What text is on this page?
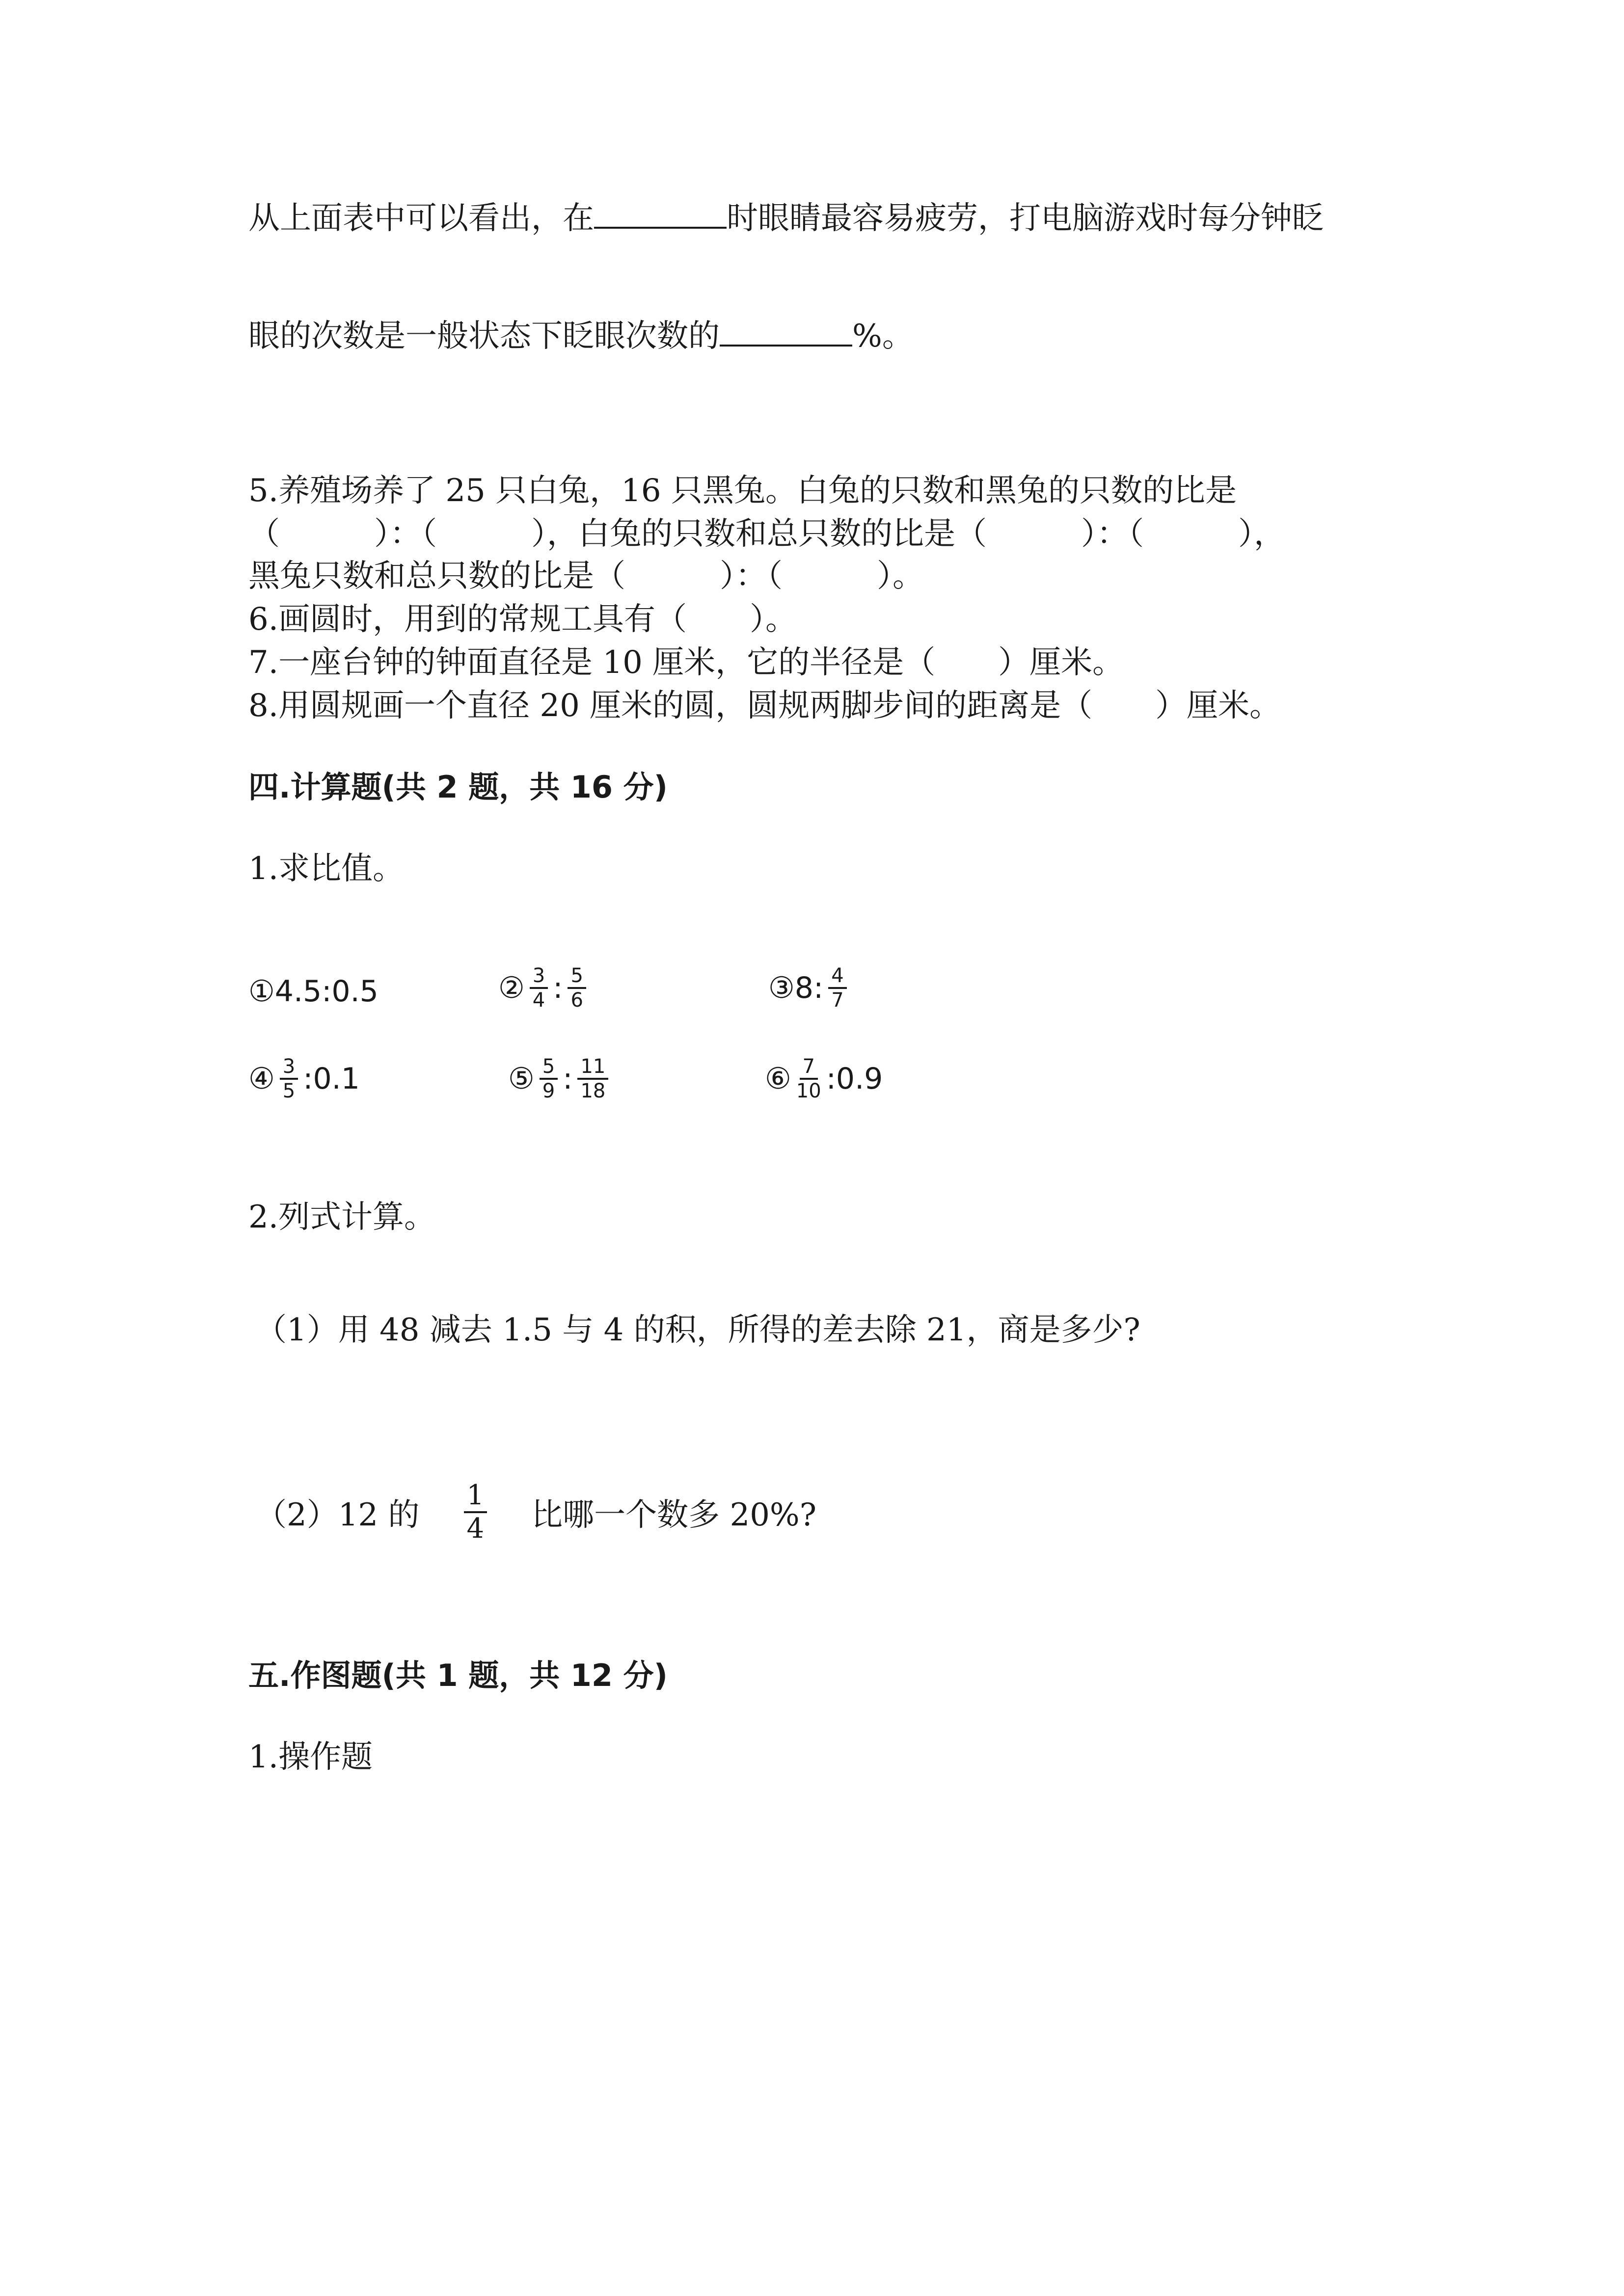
从上面表中可以看出，在	时眼睛最容易疲劳，打电脑游戏时每分钟眨
眼的次数是一般状态下眨眼次数的	%。
5.养殖场养了 25 只白兔，16 只黑兔。白兔的只数和黑兔的只数的比是
（　　　）：（　　　），白兔的只数和总只数的比是（　　　）：（　　　），
黑兔只数和总只数的比是（　　　）：（　　　）。
6.画圆时，用到的常规工具有（　　）。
7.一座台钟的钟面直径是 10 厘米，它的半径是（　　）厘米。
8.用圆规画一个直径 20 厘米的圆，圆规两脚步间的距离是（　　）厘米。
四.计算题(共 2 题，共 16 分)
1.求比值。
①4.5:0.5	② $\frac{3}{4}$ : $\frac{5}{6}$	③8: $\frac{4}{7}$
④ $\frac{3}{5}$ :0.1	⑤ $\frac{5}{9}$ : $\frac{11}{18}$	⑥ $\frac{7}{10}$ :0.9
2.列式计算。
（1）用 48 减去 1.5 与 4 的积，所得的差去除 21，商是多少?
（2）12 的 $\frac{1}{4}$ 比哪一个数多 20%?
五.作图题(共 1 题，共 12 分)
1.操作题
